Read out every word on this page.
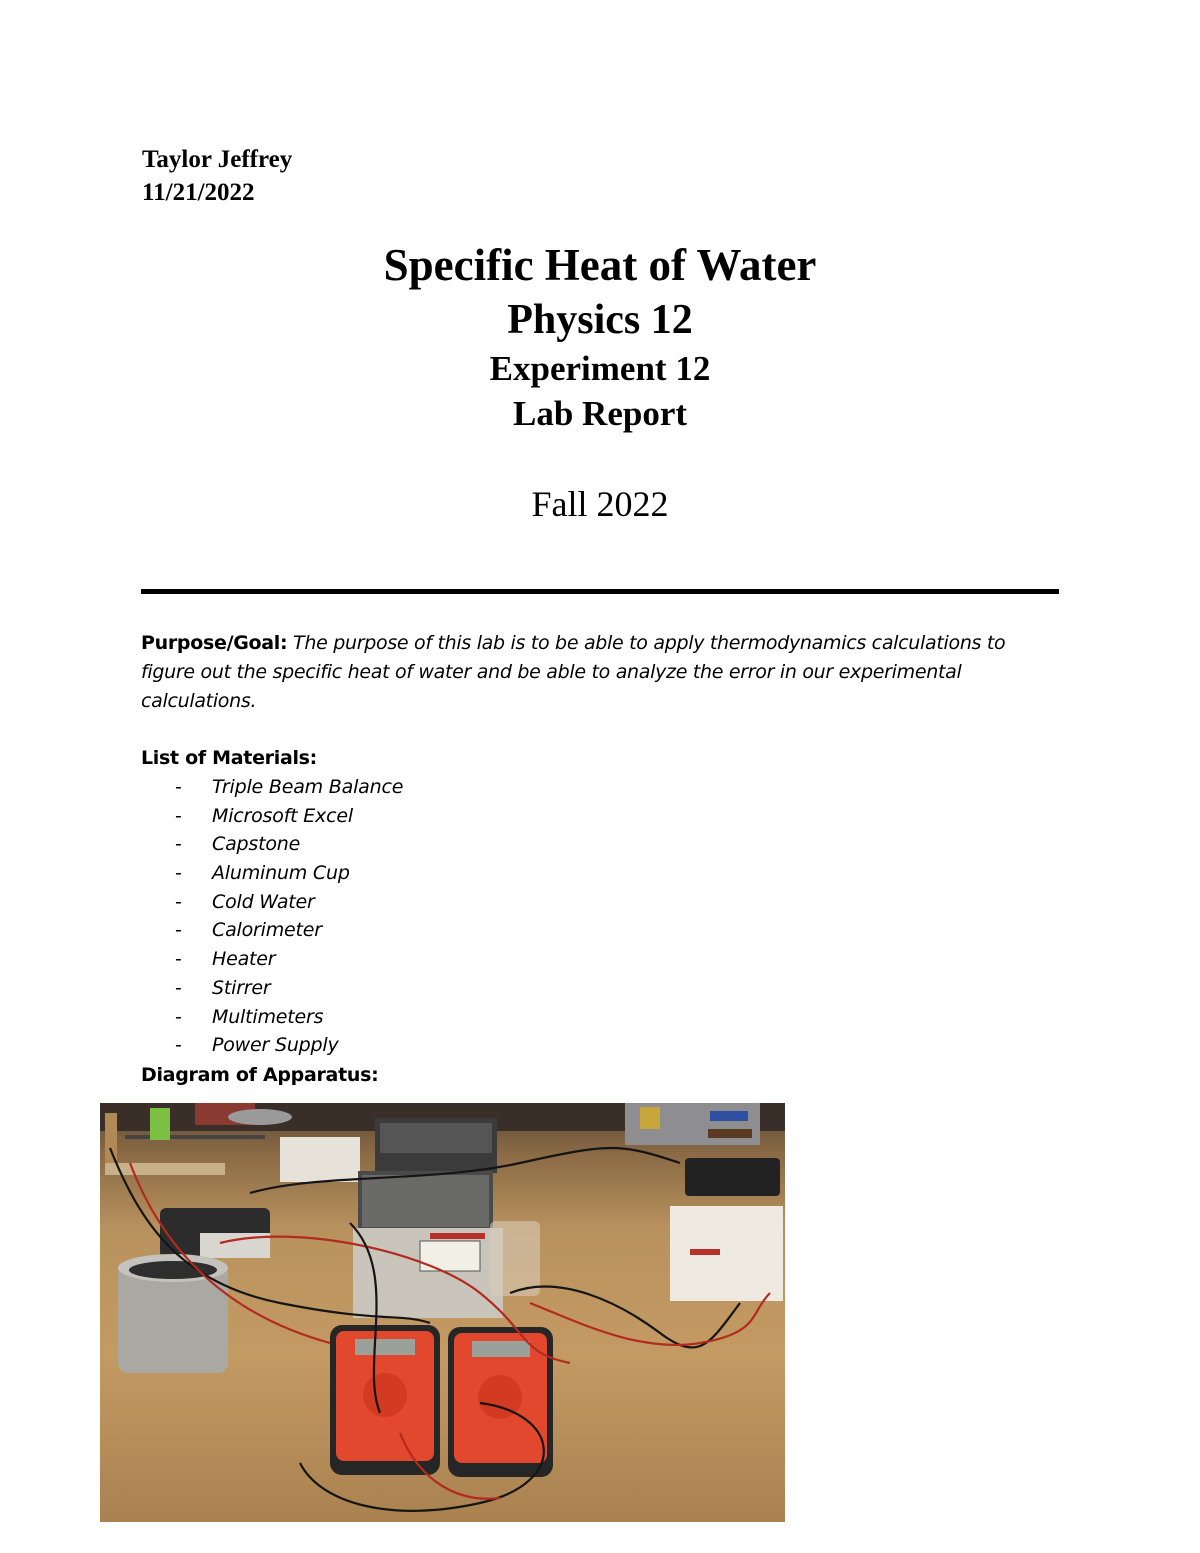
Taylor Jeffrey
11/21/2022
Specific Heat of Water
Physics 12
Experiment 12
Lab Report
Fall 2022
Purpose/Goal: The purpose of this lab is to be able to apply thermodynamics calculations to figure out the specific heat of water and be able to analyze the error in our experimental calculations.
List of Materials:
- Triple Beam Balance
- Microsoft Excel
- Capstone
- Aluminum Cup
- Cold Water
- Calorimeter
- Heater
- Stirrer
- Multimeters
- Power Supply
Diagram of Apparatus:
